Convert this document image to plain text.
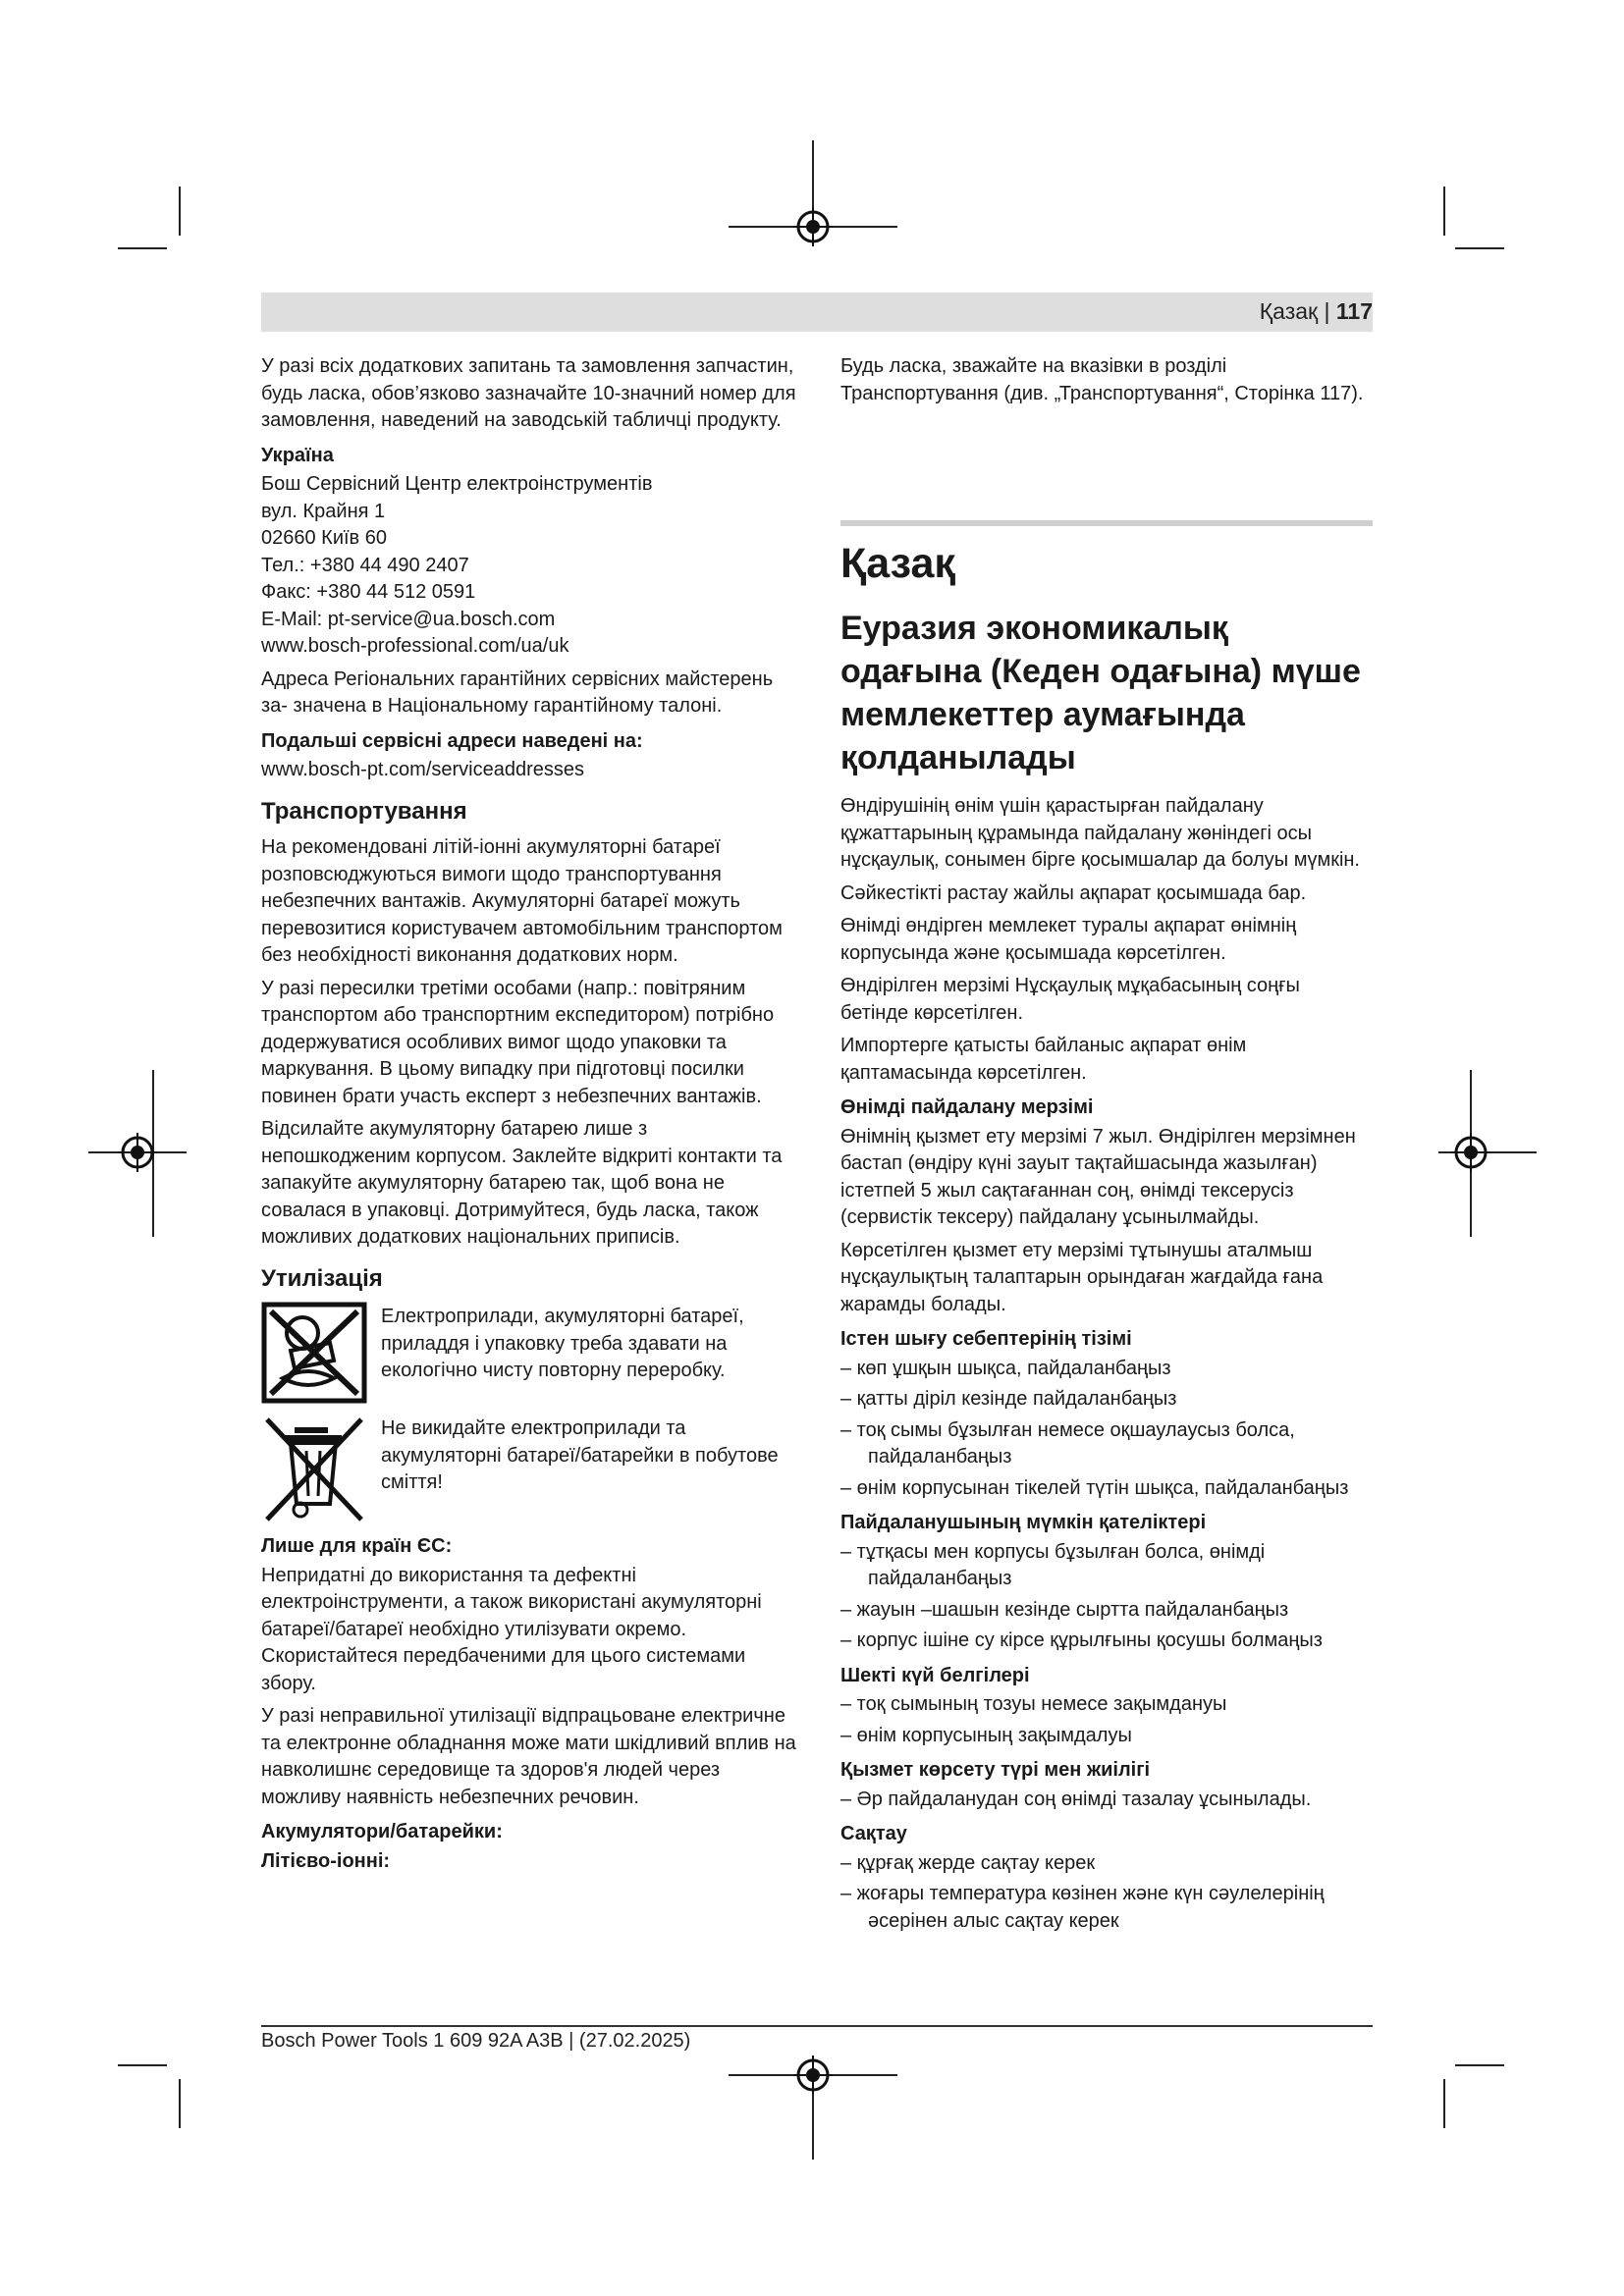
Қазақ | 117

У разі всіх додаткових запитань та замовлення запчастин, будь ласка, обов’язково зазначайте 10‑значний номер для замовлення, наведений на заводській табличці продукту.

Україна

Бош Сервісний Центр електроінструментів
вул. Крайня 1
02660 Київ 60
Тел.: +380 44 490 2407
Факс: +380 44 512 0591
E-Mail: pt-service@ua.bosch.com
www.bosch-professional.com/ua/uk

Адреса Регіональних гарантійних сервісних майстерень за- значена в Національному гарантійному талоні.

Подальші сервісні адреси наведені на:

www.bosch-pt.com/serviceaddresses

Транспортування

На рекомендовані літій-іонні акумуляторні батареї розповсюджуються вимоги щодо транспортування небезпечних вантажів. Акумуляторні батареї можуть перевозитися користувачем автомобільним транспортом без необхідності виконання додаткових норм.

У разі пересилки третіми особами (напр.: повітряним транспортом або транспортним експедитором) потрібно додержуватися особливих вимог щодо упаковки та маркування. В цьому випадку при підготовці посилки повинен брати участь експерт з небезпечних вантажів.

Відсилайте акумуляторну батарею лише з непошкодженим корпусом. Заклейте відкриті контакти та запакуйте акумуляторну батарею так, щоб вона не совалася в упаковці. Дотримуйтеся, будь ласка, також можливих додаткових національних приписів.

Утилізація

Електроприлади, акумуляторні батареї, приладдя і упаковку треба здавати на екологічно чисту повторну переробку.
Не викидайте електроприлади та акумуляторні батареї/батарейки в побутове сміття!

Лише для країн ЄС:

Непридатні до використання та дефектні електроінструменти, а також використані акумуляторні батареї/батареї необхідно утилізувати окремо. Скористайтеся передбаченими для цього системами збору.

У разі неправильної утилізації відпрацьоване електричне та електронне обладнання може мати шкідливий вплив на навколишнє середовище та здоров'я людей через можливу наявність небезпечних речовин.

Акумулятори/батарейки:

Літієво-іонні:

Будь ласка, зважайте на вказівки в розділі Транспортування (див. „Транспортування“, Сторінка 117).

Қазақ
Еуразия экономикалық одағына (Кеден одағына) мүше мемлекеттер аумағында қолданылады

Өндірушінің өнім үшін қарастырған пайдалану құжаттарының құрамында пайдалану жөніндегі осы нұсқаулық, сонымен бірге қосымшалар да болуы мүмкін.

Сәйкестікті растау жайлы ақпарат қосымшада бар.

Өнімді өндірген мемлекет туралы ақпарат өнімнің корпусында және қосымшада көрсетілген.

Өндірілген мерзімі Нұсқаулық мұқабасының соңғы бетінде көрсетілген.

Импортерге қатысты байланыс ақпарат өнім қаптамасында көрсетілген.

Өнімді пайдалану мерзімі

Өнімнің қызмет ету мерзімі 7 жыл. Өндірілген мерзімнен бастап (өндіру күні зауыт тақтайшасында жазылған) істетпей 5 жыл сақтағаннан соң, өнімді тексерусіз (сервистік тексеру) пайдалану ұсынылмайды.

Көрсетілген қызмет ету мерзімі тұтынушы аталмыш нұсқаулықтың талаптарын орындаған жағдайда ғана жарамды болады.

Істен шығу себептерінің тізімі

– көп ұшқын шықса, пайдаланбаңыз
– қатты діріл кезінде пайдаланбаңыз
– тоқ сымы бұзылған немесе оқшаулаусыз болса,
пайдаланбаңыз
– өнім корпусынан тікелей түтін шықса, пайдаланбаңыз

Пайдаланушының мүмкін қателіктері

– тұтқасы мен корпусы бұзылған болса, өнімді
пайдаланбаңыз
– жауын –шашын кезінде сыртта пайдаланбаңыз
– корпус ішіне су кірсе құрылғыны қосушы болмаңыз

Шекті күй белгілері

– тоқ сымының тозуы немесе зақымдануы
– өнім корпусының зақымдалуы

Қызмет көрсету түрі мен жиілігі

– Әр пайдаланудан соң өнімді тазалау ұсынылады.

Сақтау

– құрғақ жерде сақтау керек
– жоғары температура көзінен және күн сәулелерінің
әсерінен алыс сақтау керек
Bosch Power Tools 1 609 92A A3B | (27.02.2025)
